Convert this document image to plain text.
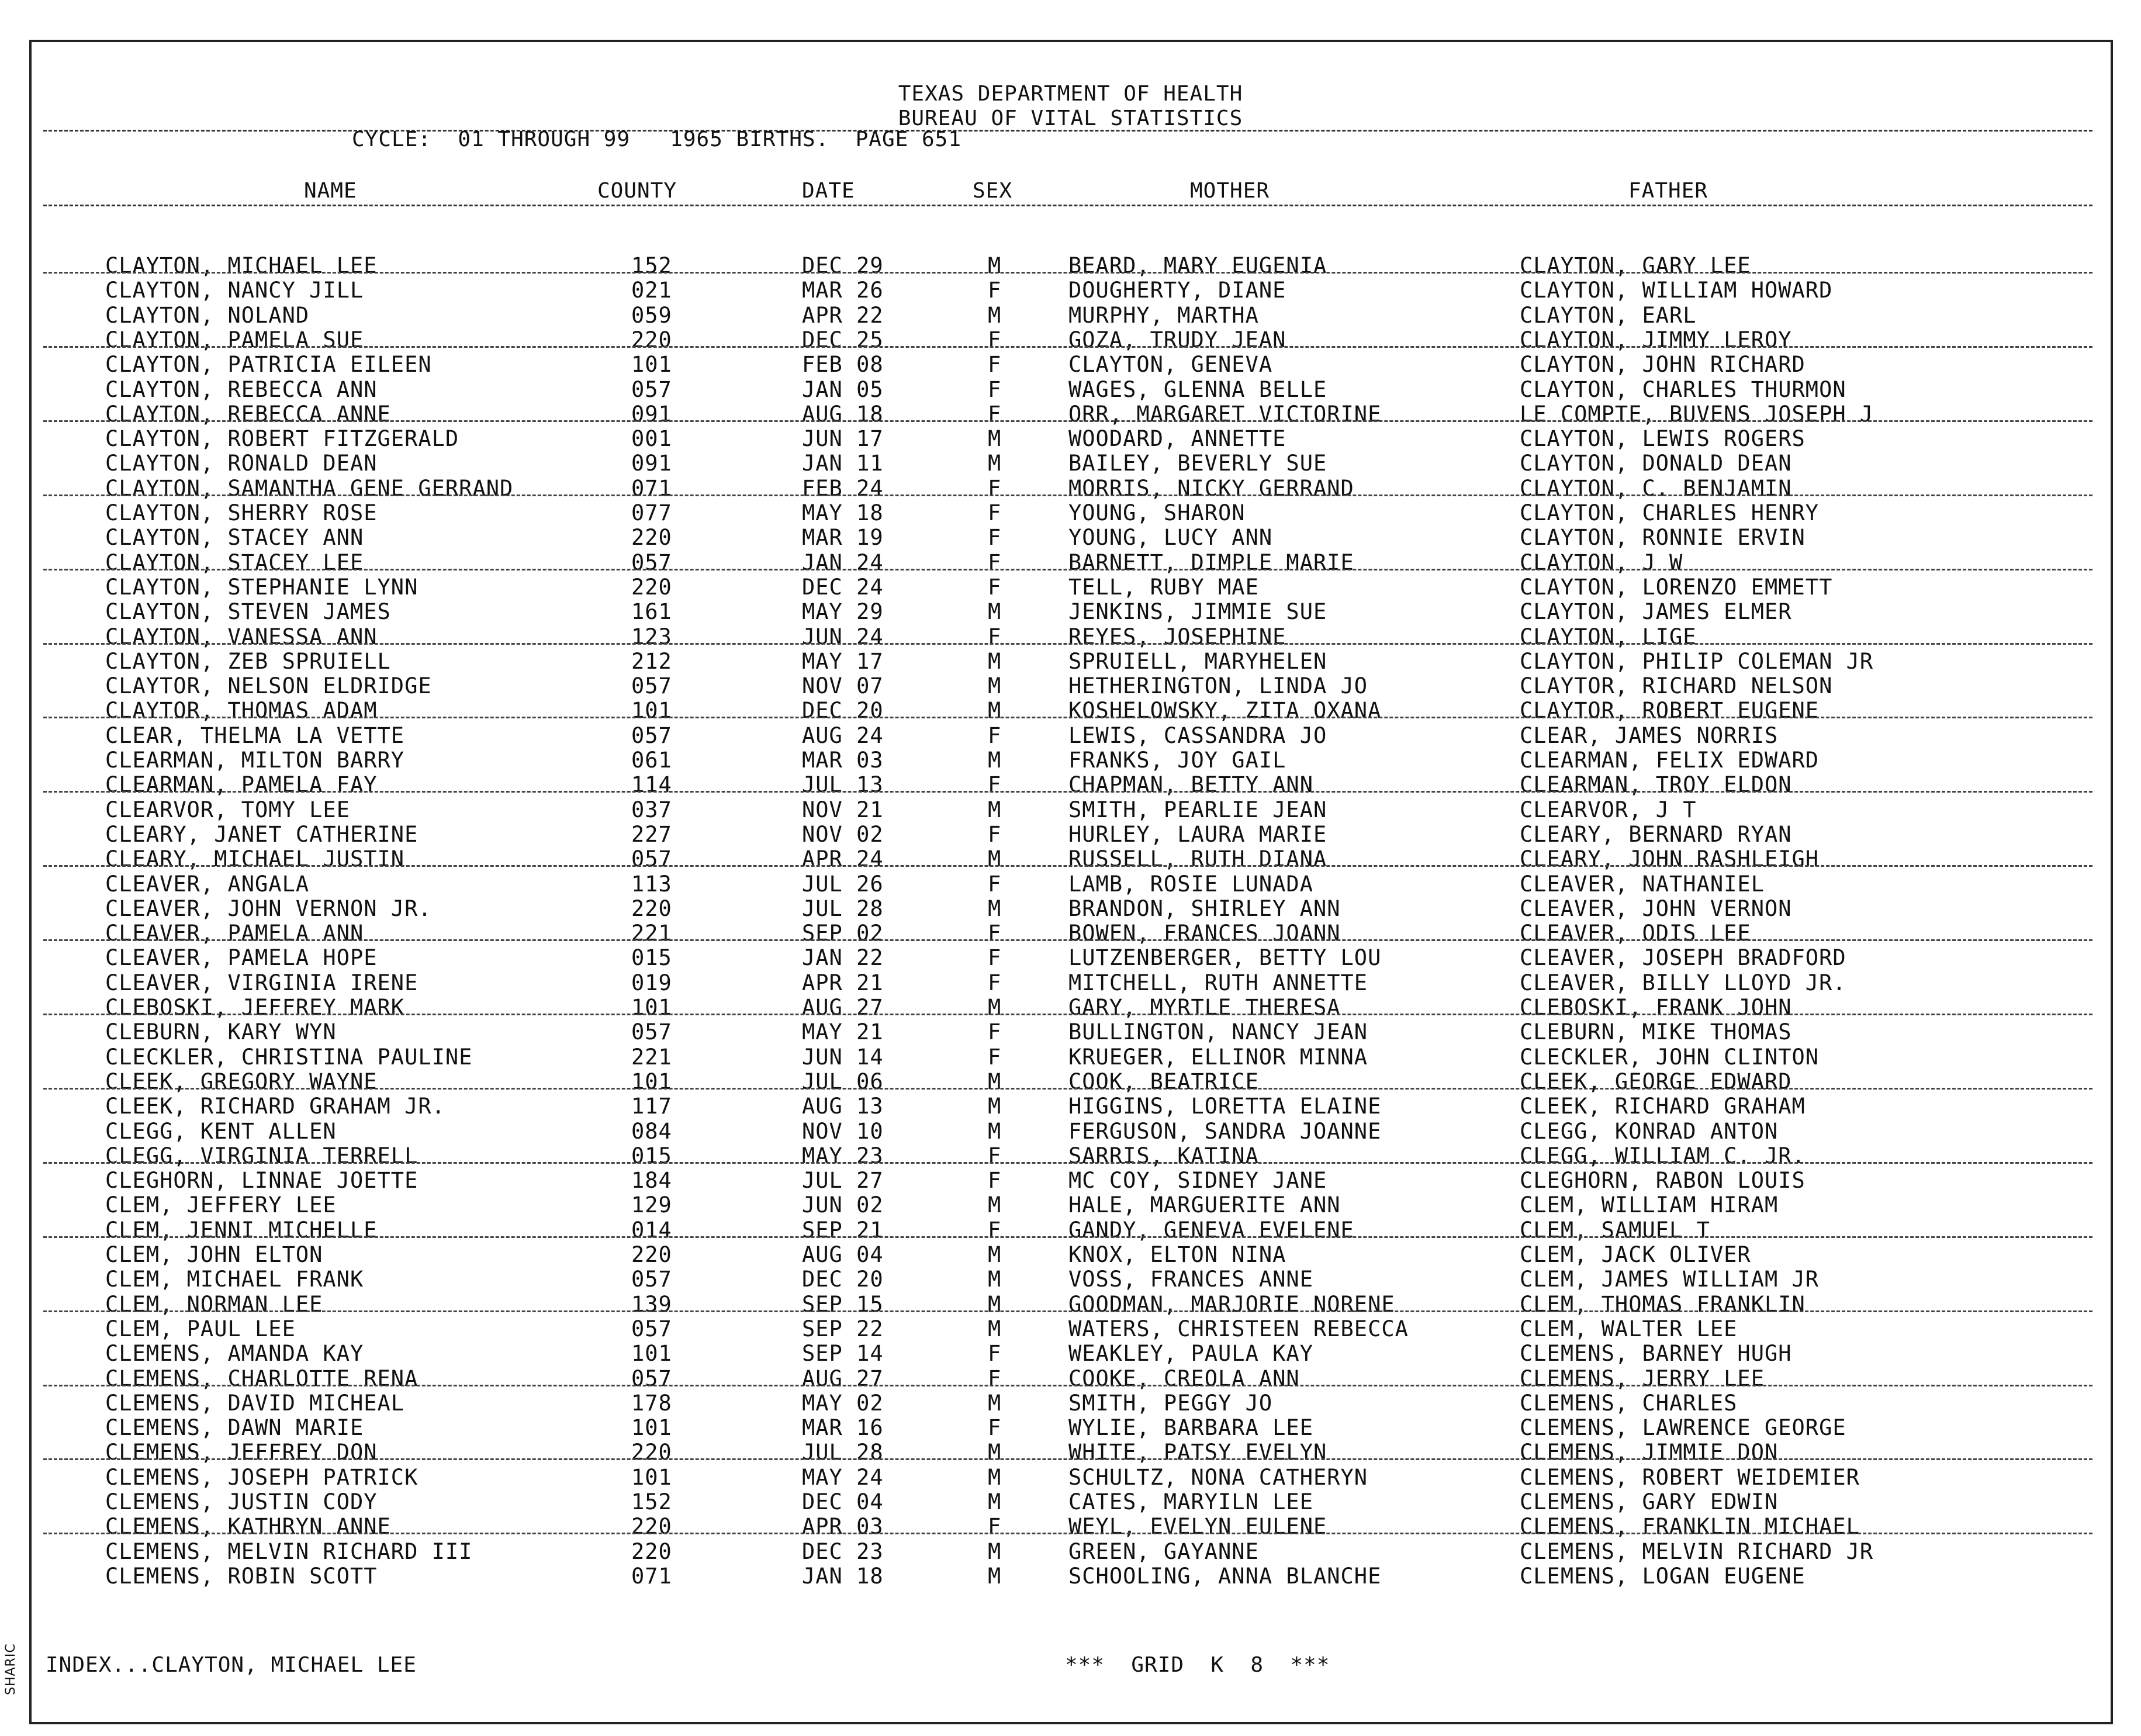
TEXAS DEPARTMENT OF HEALTH
BUREAU OF VITAL STATISTICS
CYCLE:  01 THROUGH 99   1965 BIRTHS.  PAGE 651
NAME	COUNTY	DATE	SEX	MOTHER	FATHER
CLAYTON, MICHAEL LEE	152	DEC 29	M	BEARD, MARY EUGENIA	CLAYTON, GARY LEE
CLAYTON, NANCY JILL	021	MAR 26	F	DOUGHERTY, DIANE	CLAYTON, WILLIAM HOWARD
CLAYTON, NOLAND	059	APR 22	M	MURPHY, MARTHA	CLAYTON, EARL
CLAYTON, PAMELA SUE	220	DEC 25	F	GOZA, TRUDY JEAN	CLAYTON, JIMMY LEROY
CLAYTON, PATRICIA EILEEN	101	FEB 08	F	CLAYTON, GENEVA	CLAYTON, JOHN RICHARD
CLAYTON, REBECCA ANN	057	JAN 05	F	WAGES, GLENNA BELLE	CLAYTON, CHARLES THURMON
CLAYTON, REBECCA ANNE	091	AUG 18	F	ORR, MARGARET VICTORINE	LE COMPTE, BUVENS JOSEPH J
CLAYTON, ROBERT FITZGERALD	001	JUN 17	M	WOODARD, ANNETTE	CLAYTON, LEWIS ROGERS
CLAYTON, RONALD DEAN	091	JAN 11	M	BAILEY, BEVERLY SUE	CLAYTON, DONALD DEAN
CLAYTON, SAMANTHA GENE GERRAND	071	FEB 24	F	MORRIS, NICKY GERRAND	CLAYTON, C. BENJAMIN
CLAYTON, SHERRY ROSE	077	MAY 18	F	YOUNG, SHARON	CLAYTON, CHARLES HENRY
CLAYTON, STACEY ANN	220	MAR 19	F	YOUNG, LUCY ANN	CLAYTON, RONNIE ERVIN
CLAYTON, STACEY LEE	057	JAN 24	F	BARNETT, DIMPLE MARIE	CLAYTON, J W
CLAYTON, STEPHANIE LYNN	220	DEC 24	F	TELL, RUBY MAE	CLAYTON, LORENZO EMMETT
CLAYTON, STEVEN JAMES	161	MAY 29	M	JENKINS, JIMMIE SUE	CLAYTON, JAMES ELMER
CLAYTON, VANESSA ANN	123	JUN 24	F	REYES, JOSEPHINE	CLAYTON, LIGE
CLAYTON, ZEB SPRUIELL	212	MAY 17	M	SPRUIELL, MARYHELEN	CLAYTON, PHILIP COLEMAN JR
CLAYTOR, NELSON ELDRIDGE	057	NOV 07	M	HETHERINGTON, LINDA JO	CLAYTOR, RICHARD NELSON
CLAYTOR, THOMAS ADAM	101	DEC 20	M	KOSHELOWSKY, ZITA OXANA	CLAYTOR, ROBERT EUGENE
CLEAR, THELMA LA VETTE	057	AUG 24	F	LEWIS, CASSANDRA JO	CLEAR, JAMES NORRIS
CLEARMAN, MILTON BARRY	061	MAR 03	M	FRANKS, JOY GAIL	CLEARMAN, FELIX EDWARD
CLEARMAN, PAMELA FAY	114	JUL 13	F	CHAPMAN, BETTY ANN	CLEARMAN, TROY ELDON
CLEARVOR, TOMY LEE	037	NOV 21	M	SMITH, PEARLIE JEAN	CLEARVOR, J T
CLEARY, JANET CATHERINE	227	NOV 02	F	HURLEY, LAURA MARIE	CLEARY, BERNARD RYAN
CLEARY, MICHAEL JUSTIN	057	APR 24	M	RUSSELL, RUTH DIANA	CLEARY, JOHN RASHLEIGH
CLEAVER, ANGALA	113	JUL 26	F	LAMB, ROSIE LUNADA	CLEAVER, NATHANIEL
CLEAVER, JOHN VERNON JR.	220	JUL 28	M	BRANDON, SHIRLEY ANN	CLEAVER, JOHN VERNON
CLEAVER, PAMELA ANN	221	SEP 02	F	BOWEN, FRANCES JOANN	CLEAVER, ODIS LEE
CLEAVER, PAMELA HOPE	015	JAN 22	F	LUTZENBERGER, BETTY LOU	CLEAVER, JOSEPH BRADFORD
CLEAVER, VIRGINIA IRENE	019	APR 21	F	MITCHELL, RUTH ANNETTE	CLEAVER, BILLY LLOYD JR.
CLEBOSKI, JEFFREY MARK	101	AUG 27	M	GARY, MYRTLE THERESA	CLEBOSKI, FRANK JOHN
CLEBURN, KARY WYN	057	MAY 21	F	BULLINGTON, NANCY JEAN	CLEBURN, MIKE THOMAS
CLECKLER, CHRISTINA PAULINE	221	JUN 14	F	KRUEGER, ELLINOR MINNA	CLECKLER, JOHN CLINTON
CLEEK, GREGORY WAYNE	101	JUL 06	M	COOK, BEATRICE	CLEEK, GEORGE EDWARD
CLEEK, RICHARD GRAHAM JR.	117	AUG 13	M	HIGGINS, LORETTA ELAINE	CLEEK, RICHARD GRAHAM
CLEGG, KENT ALLEN	084	NOV 10	M	FERGUSON, SANDRA JOANNE	CLEGG, KONRAD ANTON
CLEGG, VIRGINIA TERRELL	015	MAY 23	F	SARRIS, KATINA	CLEGG, WILLIAM C. JR.
CLEGHORN, LINNAE JOETTE	184	JUL 27	F	MC COY, SIDNEY JANE	CLEGHORN, RABON LOUIS
CLEM, JEFFERY LEE	129	JUN 02	M	HALE, MARGUERITE ANN	CLEM, WILLIAM HIRAM
CLEM, JENNI MICHELLE	014	SEP 21	F	GANDY, GENEVA EVELENE	CLEM, SAMUEL T
CLEM, JOHN ELTON	220	AUG 04	M	KNOX, ELTON NINA	CLEM, JACK OLIVER
CLEM, MICHAEL FRANK	057	DEC 20	M	VOSS, FRANCES ANNE	CLEM, JAMES WILLIAM JR
CLEM, NORMAN LEE	139	SEP 15	M	GOODMAN, MARJORIE NORENE	CLEM, THOMAS FRANKLIN
CLEM, PAUL LEE	057	SEP 22	M	WATERS, CHRISTEEN REBECCA	CLEM, WALTER LEE
CLEMENS, AMANDA KAY	101	SEP 14	F	WEAKLEY, PAULA KAY	CLEMENS, BARNEY HUGH
CLEMENS, CHARLOTTE RENA	057	AUG 27	F	COOKE, CREOLA ANN	CLEMENS, JERRY LEE
CLEMENS, DAVID MICHEAL	178	MAY 02	M	SMITH, PEGGY JO	CLEMENS, CHARLES
CLEMENS, DAWN MARIE	101	MAR 16	F	WYLIE, BARBARA LEE	CLEMENS, LAWRENCE GEORGE
CLEMENS, JEFFREY DON	220	JUL 28	M	WHITE, PATSY EVELYN	CLEMENS, JIMMIE DON
CLEMENS, JOSEPH PATRICK	101	MAY 24	M	SCHULTZ, NONA CATHERYN	CLEMENS, ROBERT WEIDEMIER
CLEMENS, JUSTIN CODY	152	DEC 04	M	CATES, MARYILN LEE	CLEMENS, GARY EDWIN
CLEMENS, KATHRYN ANNE	220	APR 03	F	WEYL, EVELYN EULENE	CLEMENS, FRANKLIN MICHAEL
CLEMENS, MELVIN RICHARD III	220	DEC 23	M	GREEN, GAYANNE	CLEMENS, MELVIN RICHARD JR
CLEMENS, ROBIN SCOTT	071	JAN 18	M	SCHOOLING, ANNA BLANCHE	CLEMENS, LOGAN EUGENE
INDEX...CLAYTON, MICHAEL LEE	***  GRID  K  8  ***
SHARIC
